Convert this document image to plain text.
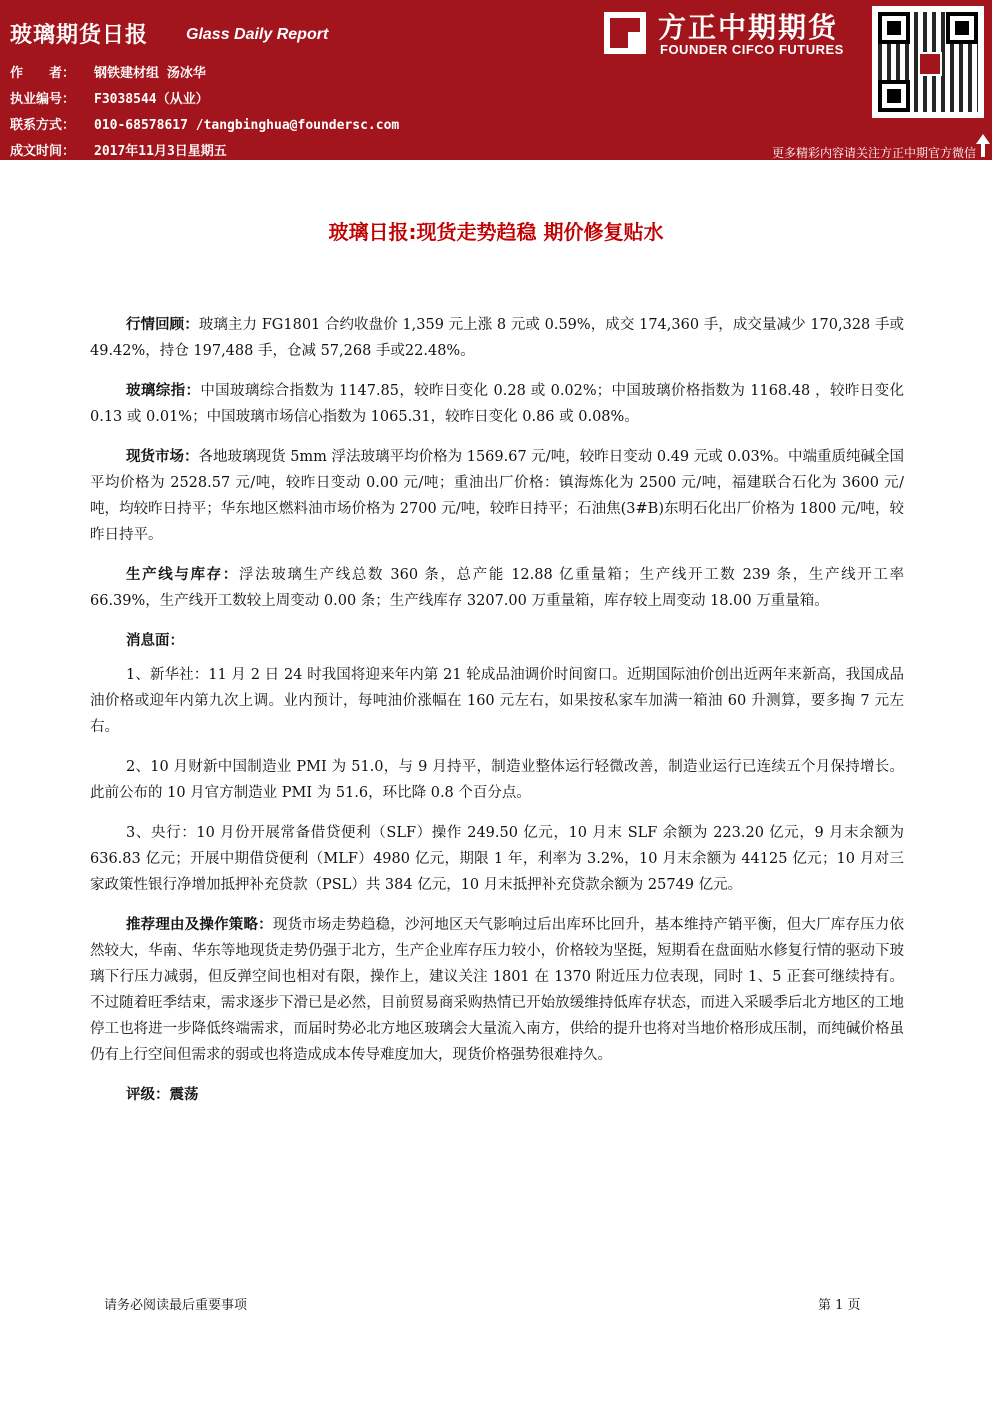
玻璃期货日报 Glass Daily Report
作　　者： 钢铁建材组 汤冰华
执业编号： F3038544（从业）
联系方式： 010-68578617 /tangbinghua@foundersc.com
成文时间： 2017年11月3日星期五
方正中期期货
FOUNDER CIFCO FUTURES
更多精彩内容请关注方正中期官方微信
玻璃日报:现货走势趋稳 期价修复贴水

行情回顾：玻璃主力 FG1801 合约收盘价 1,359 元上涨 8 元或 0.59%，成交 174,360 手，成交量减少 170,328 手或49.42%，持仓 197,488 手，仓减 57,268 手或22.48%。

玻璃综指：中国玻璃综合指数为 1147.85，较昨日变化 0.28 或 0.02%；中国玻璃价格指数为 1168.48 ，较昨日变化 0.13 或 0.01%；中国玻璃市场信心指数为 1065.31，较昨日变化 0.86 或 0.08%。

现货市场：各地玻璃现货 5mm 浮法玻璃平均价格为 1569.67 元/吨，较昨日变动 0.49 元或 0.03%。中端重质纯碱全国平均价格为 2528.57 元/吨，较昨日变动 0.00 元/吨；重油出厂价格：镇海炼化为 2500 元/吨，福建联合石化为 3600 元/吨，均较昨日持平；华东地区燃料油市场价格为 2700 元/吨，较昨日持平；石油焦(3#B)东明石化出厂价格为 1800 元/吨，较昨日持平。

生产线与库存：浮法玻璃生产线总数 360 条，总产能 12.88 亿重量箱；生产线开工数 239 条，生产线开工率 66.39%，生产线开工数较上周变动 0.00 条；生产线库存 3207.00 万重量箱，库存较上周变动 18.00 万重量箱。

消息面：

1、新华社：11 月 2 日 24 时我国将迎来年内第 21 轮成品油调价时间窗口。近期国际油价创出近两年来新高，我国成品油价格或迎年内第九次上调。业内预计，每吨油价涨幅在 160 元左右，如果按私家车加满一箱油 60 升测算，要多掏 7 元左右。

2、10 月财新中国制造业 PMI 为 51.0，与 9 月持平，制造业整体运行轻微改善，制造业运行已连续五个月保持增长。此前公布的 10 月官方制造业 PMI 为 51.6，环比降 0.8 个百分点。

3、央行：10 月份开展常备借贷便利（SLF）操作 249.50 亿元，10 月末 SLF 余额为 223.20 亿元，9 月末余额为 636.83 亿元；开展中期借贷便利（MLF）4980 亿元，期限 1 年，利率为 3.2%，10 月末余额为 44125 亿元；10 月对三家政策性银行净增加抵押补充贷款（PSL）共 384 亿元，10 月末抵押补充贷款余额为 25749 亿元。

推荐理由及操作策略：现货市场走势趋稳，沙河地区天气影响过后出库环比回升，基本维持产销平衡，但大厂库存压力依然较大，华南、华东等地现货走势仍强于北方，生产企业库存压力较小，价格较为坚挺，短期看在盘面贴水修复行情的驱动下玻璃下行压力减弱，但反弹空间也相对有限，操作上，建议关注 1801 在 1370 附近压力位表现，同时 1、5 正套可继续持有。不过随着旺季结束，需求逐步下滑已是必然，目前贸易商采购热情已开始放缓维持低库存状态，而进入采暖季后北方地区的工地停工也将进一步降低终端需求，而届时势必北方地区玻璃会大量流入南方，供给的提升也将对当地价格形成压制，而纯碱价格虽仍有上行空间但需求的弱或也将造成成本传导难度加大，现货价格强势很难持久。

评级：震荡

请务必阅读最后重要事项	第 1 页
